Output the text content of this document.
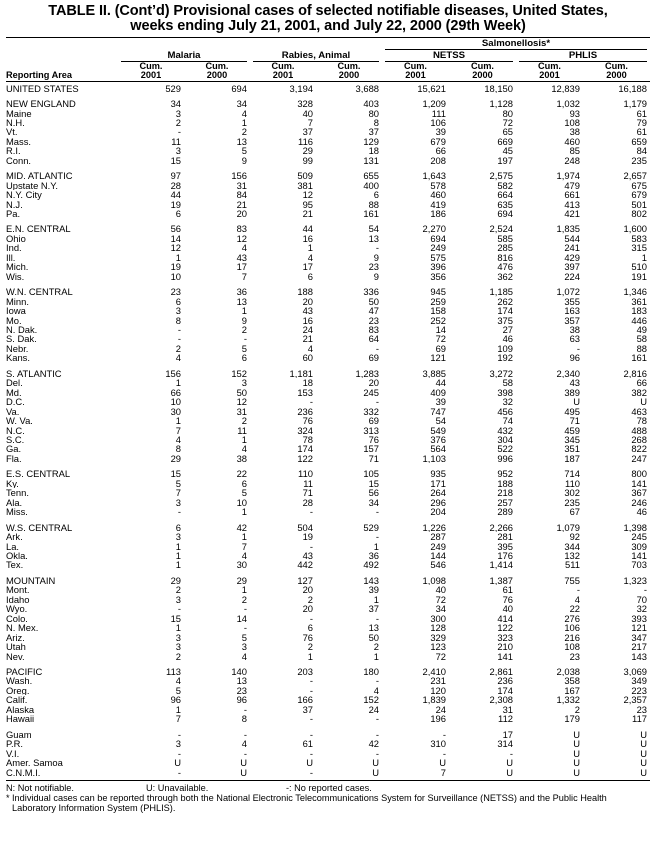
TABLE II. (Cont’d) Provisional cases of selected notifiable diseases, United States,
weeks ending July 21, 2001, and July 22, 2000 (29th Week)

					Salmonellosis*			

	Malaria		Rabies, Animal		NETSS		PHLIS	

	Cum.	Cum.	Cum.	Cum.	Cum.	Cum.	Cum.	Cum.
Reporting Area	2001	2000	2001	2000	2001	2000	2001	2000
UNITED STATES	529	694	3,194	3,688	15,621	18,150	12,839	16,188

NEW ENGLAND	34	34	328	403	1,209	1,128	1,032	1,179
Maine	3	4	40	80	111	80	93	61
N.H.	2	1	7	8	106	72	108	79
Vt.	-	2	37	37	39	65	38	61
Mass.	11	13	116	129	679	669	460	659
R.I.	3	5	29	18	66	45	85	84
Conn.	15	9	99	131	208	197	248	235

MID. ATLANTIC	97	156	509	655	1,643	2,575	1,974	2,657
Upstate N.Y.	28	31	381	400	578	582	479	675
N.Y. City	44	84	12	6	460	664	661	679
N.J.	19	21	95	88	419	635	413	501
Pa.	6	20	21	161	186	694	421	802

E.N. CENTRAL	56	83	44	54	2,270	2,524	1,835	1,600
Ohio	14	12	16	13	694	585	544	583
Ind.	12	4	1	-	249	285	241	315
Ill.	1	43	4	9	575	816	429	1
Mich.	19	17	17	23	396	476	397	510
Wis.	10	7	6	9	356	362	224	191

W.N. CENTRAL	23	36	188	336	945	1,185	1,072	1,346
Minn.	6	13	20	50	259	262	355	361
Iowa	3	1	43	47	158	174	163	183
Mo.	8	9	16	23	252	375	357	446
N. Dak.	-	2	24	83	14	27	38	49
S. Dak.	-	-	21	64	72	46	63	58
Nebr.	2	5	4	-	69	109	-	88
Kans.	4	6	60	69	121	192	96	161

S. ATLANTIC	156	152	1,181	1,283	3,885	3,272	2,340	2,816
Del.	1	3	18	20	44	58	43	66
Md.	66	50	153	245	409	398	389	382
D.C.	10	12	-	-	39	32	U	U
Va.	30	31	236	332	747	456	495	463
W. Va.	1	2	76	69	54	74	71	78
N.C.	7	11	324	313	549	432	459	488
S.C.	4	1	78	76	376	304	345	268
Ga.	8	4	174	157	564	522	351	822
Fla.	29	38	122	71	1,103	996	187	247

E.S. CENTRAL	15	22	110	105	935	952	714	800
Ky.	5	6	11	15	171	188	110	141
Tenn.	7	5	71	56	264	218	302	367
Ala.	3	10	28	34	296	257	235	246
Miss.	-	1	-	-	204	289	67	46

W.S. CENTRAL	6	42	504	529	1,226	2,266	1,079	1,398
Ark.	3	1	19	-	287	281	92	245
La.	1	7	-	1	249	395	344	309
Okla.	1	4	43	36	144	176	132	141
Tex.	1	30	442	492	546	1,414	511	703

MOUNTAIN	29	29	127	143	1,098	1,387	755	1,323
Mont.	2	1	20	39	40	61	-	-
Idaho	3	2	2	1	72	76	4	70
Wyo.	-	-	20	37	34	40	22	32
Colo.	15	14	-	-	300	414	276	393
N. Mex.	1	-	6	13	128	122	106	121
Ariz.	3	5	76	50	329	323	216	347
Utah	3	3	2	2	123	210	108	217
Nev.	2	4	1	1	72	141	23	143

PACIFIC	113	140	203	180	2,410	2,861	2,038	3,069
Wash.	4	13	-	-	231	236	358	349
Oreg.	5	23	-	4	120	174	167	223
Calif.	96	96	166	152	1,839	2,308	1,332	2,357
Alaska	1	-	37	24	24	31	2	23
Hawaii	7	8	-	-	196	112	179	117

Guam	-	-	-	-	-	17	U	U
P.R.	3	4	61	42	310	314	U	U
V.I.	-	-	-	-	-	-	U	U
Amer. Samoa	U	U	U	U	U	U	U	U
C.N.M.I.	-	U	-	U	7	U	U	U
N: Not notifiable.	U: Unavailable.	-: No reported cases.
* Individual cases can be reported through both the National Electronic Telecommunications System for Surveillance (NETSS) and the Public Health Laboratory Information System (PHLIS).
